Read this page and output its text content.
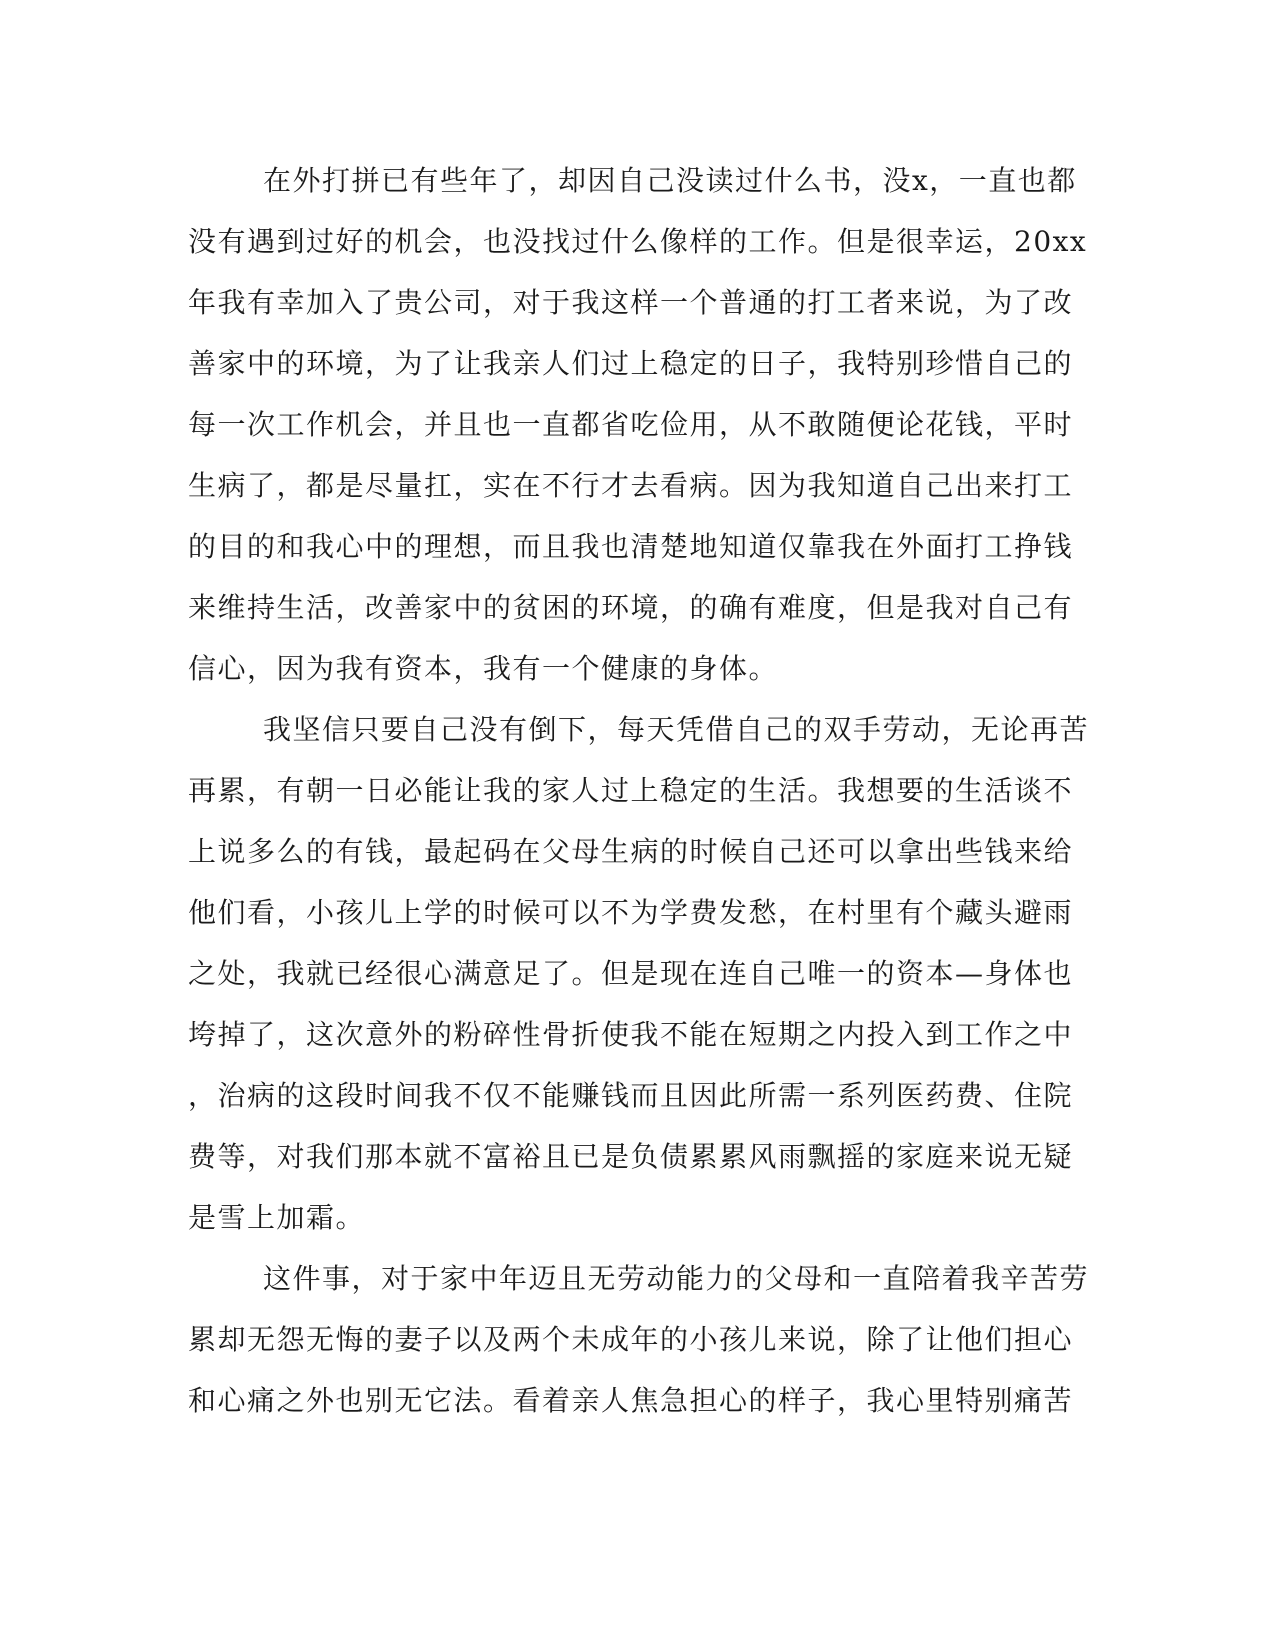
在外打拼已有些年了，却因自己没读过什么书，没x，一直也都
没有遇到过好的机会，也没找过什么像样的工作。但是很幸运，20xx
年我有幸加入了贵公司，对于我这样一个普通的打工者来说，为了改
善家中的环境，为了让我亲人们过上稳定的日子，我特别珍惜自己的
每一次工作机会，并且也一直都省吃俭用，从不敢随便论花钱，平时
生病了，都是尽量扛，实在不行才去看病。因为我知道自己出来打工
的目的和我心中的理想，而且我也清楚地知道仅靠我在外面打工挣钱
来维持生活，改善家中的贫困的环境，的确有难度，但是我对自己有
信心，因为我有资本，我有一个健康的身体。
我坚信只要自己没有倒下，每天凭借自己的双手劳动，无论再苦
再累，有朝一日必能让我的家人过上稳定的生活。我想要的生活谈不
上说多么的有钱，最起码在父母生病的时候自己还可以拿出些钱来给
他们看，小孩儿上学的时候可以不为学费发愁，在村里有个藏头避雨
之处，我就已经很心满意足了。但是现在连自己唯一的资本—身体也
垮掉了，这次意外的粉碎性骨折使我不能在短期之内投入到工作之中
，治病的这段时间我不仅不能赚钱而且因此所需一系列医药费、住院
费等，对我们那本就不富裕且已是负债累累风雨飘摇的家庭来说无疑
是雪上加霜。
这件事，对于家中年迈且无劳动能力的父母和一直陪着我辛苦劳
累却无怨无悔的妻子以及两个未成年的小孩儿来说，除了让他们担心
和心痛之外也别无它法。看着亲人焦急担心的样子，我心里特别痛苦
